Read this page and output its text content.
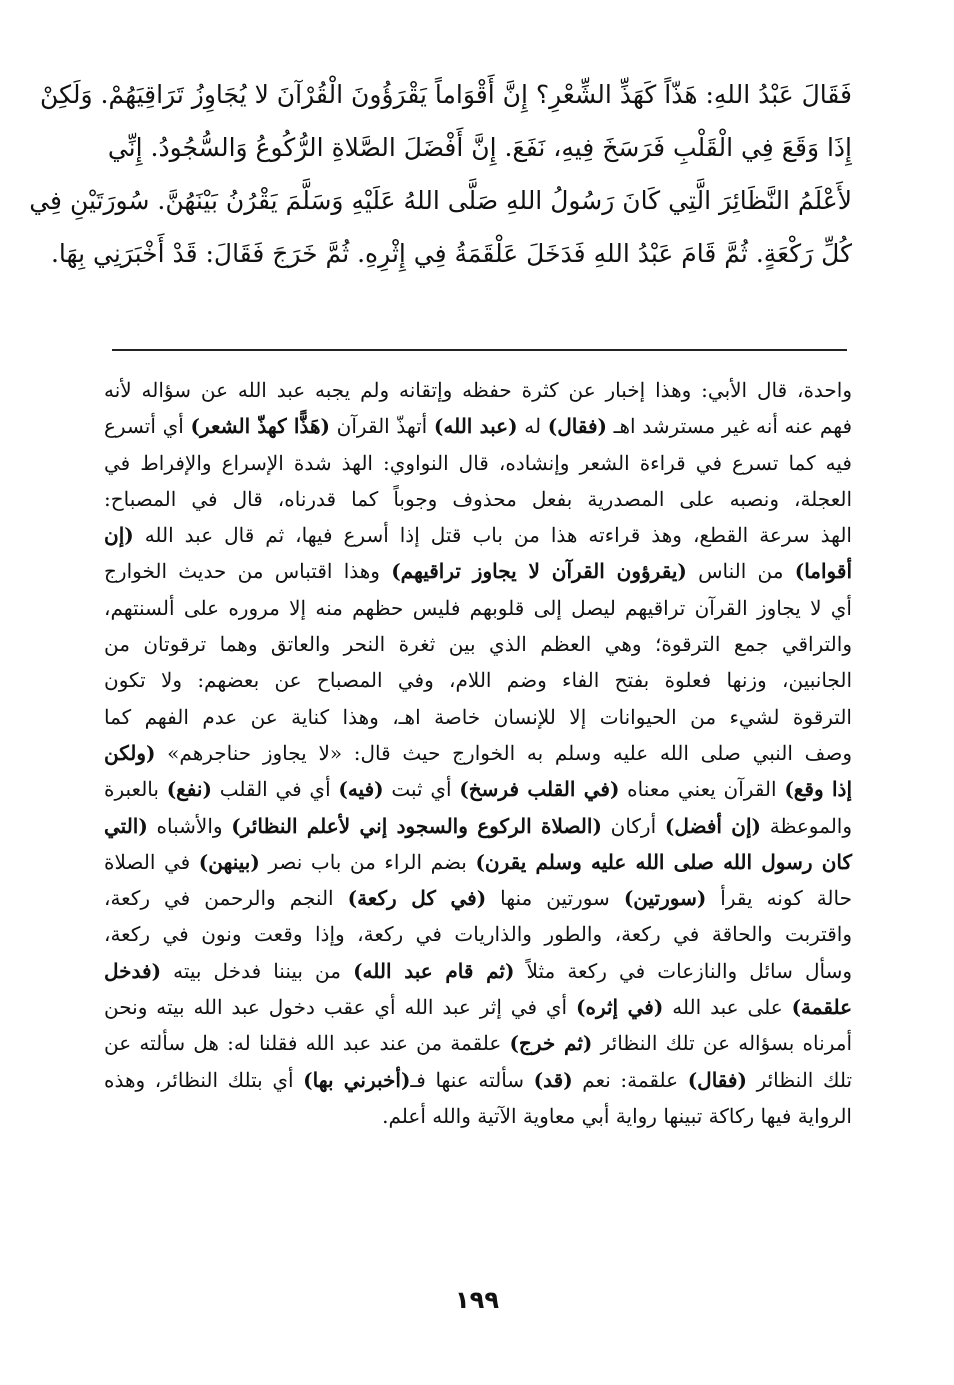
فَقَالَ عَبْدُ اللهِ: هَذّاً كَهَذِّ الشِّعْرِ؟ إِنَّ أَقْوَاماً يَقْرَؤُونَ الْقُرْآنَ لا يُجَاوِزُ تَرَاقِيَهُمْ. وَلَكِنْ
إِذَا وَقَعَ فِي الْقَلْبِ فَرَسَخَ فِيهِ، نَفَعَ. إِنَّ أَفْضَلَ الصَّلاةِ الرُّكُوعُ وَالسُّجُودُ. إِنِّي
لأَعْلَمُ النَّظَائِرَ الَّتِي كَانَ رَسُولُ اللهِ صَلَّى اللهُ عَلَيْهِ وَسَلَّمَ يَقْرُنُ بَيْنَهُنَّ. سُورَتَيْنِ فِي
كُلِّ رَكْعَةٍ. ثُمَّ قَامَ عَبْدُ اللهِ فَدَخَلَ عَلْقَمَةُ فِي إِثْرِهِ. ثُمَّ خَرَجَ فَقَالَ: قَدْ أَخْبَرَنِي بِهَا.
واحدة، قال الأبي: وهذا إخبار عن كثرة حفظه وإتقانه ولم يجبه عبد الله عن سؤاله لأنه
فهم عنه أنه غير مسترشد اهـ (فقال) له (عبد الله) أتهذّ القرآن (هَذًّا كهذّ الشعر) أي أتسرع
فيه كما تسرع في قراءة الشعر وإنشاده، قال النواوي: الهذ شدة الإسراع والإفراط في
العجلة، ونصبه على المصدرية بفعل محذوف وجوباً كما قدرناه، قال في المصباح:
الهذ سرعة القطع، وهذ قراءته هذا من باب قتل إذا أسرع فيها، ثم قال عبد الله (إن
أقواما) من الناس (يقرؤون القرآن لا يجاوز تراقيهم) وهذا اقتباس من حديث الخوارج
أي لا يجاوز القرآن تراقيهم ليصل إلى قلوبهم فليس حظهم منه إلا مروره على ألسنتهم،
والتراقي جمع الترقوة؛ وهي العظم الذي بين ثغرة النحر والعاتق وهما ترقوتان من
الجانبين، وزنها فعلوة بفتح الفاء وضم اللام، وفي المصباح عن بعضهم: ولا تكون
الترقوة لشيء من الحيوانات إلا للإنسان خاصة اهـ، وهذا كناية عن عدم الفهم كما
وصف النبي صلى الله عليه وسلم به الخوارج حيث قال: «لا يجاوز حناجرهم» (ولكن
إذا وقع) القرآن يعني معناه (في القلب فرسخ) أي ثبت (فيه) أي في القلب (نفع) بالعبرة
والموعظة (إن أفضل) أركان (الصلاة الركوع والسجود إني لأعلم النظائر) والأشباه (التي
كان رسول الله صلى الله عليه وسلم يقرن) بضم الراء من باب نصر (بينهن) في الصلاة
حالة كونه يقرأ (سورتين) سورتين منها (في كل ركعة) النجم والرحمن في ركعة،
واقتربت والحاقة في ركعة، والطور والذاريات في ركعة، وإذا وقعت ونون في ركعة،
وسأل سائل والنازعات في ركعة مثلاً (ثم قام عبد الله) من بيننا فدخل بيته (فدخل
علقمة) على عبد الله (في إثره) أي في إثر عبد الله أي عقب دخول عبد الله بيته ونحن
أمرناه بسؤاله عن تلك النظائر (ثم خرج) علقمة من عند عبد الله فقلنا له: هل سألته عن
تلك النظائر (فقال) علقمة: نعم (قد) سألته عنها فـ(أخبرني بها) أي بتلك النظائر، وهذه
الرواية فيها ركاكة تبينها رواية أبي معاوية الآتية والله أعلم.
١٩٩
